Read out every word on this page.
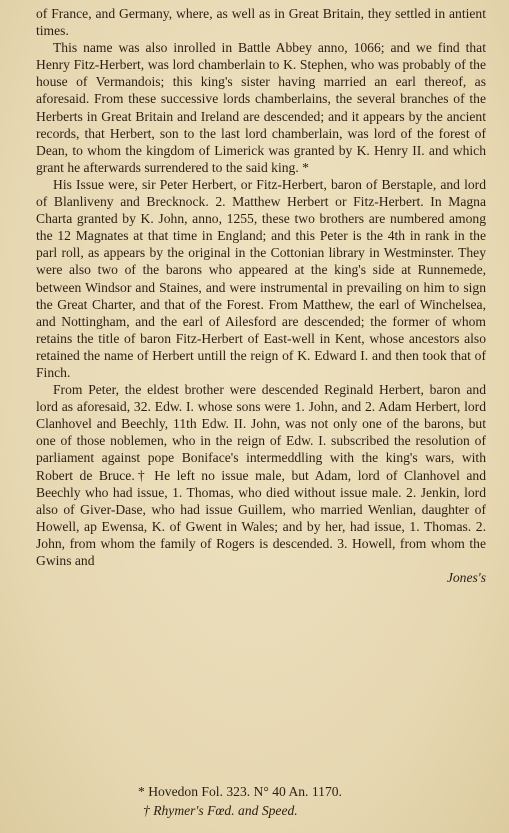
of France, and Germany, where, as well as in Great Britain, they settled in antient times.

This name was also inrolled in Battle Abbey anno, 1066; and we find that Henry Fitz-Herbert, was lord chamberlain to K. Stephen, who was probably of the house of Vermandois; this king's sister having married an earl thereof, as aforesaid. From these successive lords chamberlains, the several branches of the Herberts in Great Britain and Ireland are descended; and it appears by the ancient records, that Herbert, son to the last lord chamberlain, was lord of the forest of Dean, to whom the kingdom of Limerick was granted by K. Henry II. and which grant he afterwards surrendered to the said king. *

His Issue were, sir Peter Herbert, or Fitz-Herbert, baron of Berstaple, and lord of Blanliveny and Brecknock. 2. Matthew Herbert or Fitz-Herbert. In Magna Charta granted by K. John, anno, 1255, these two brothers are numbered among the 12 Magnates at that time in England; and this Peter is the 4th in rank in the parl roll, as appears by the original in the Cottonian library in Westminster. They were also two of the barons who appeared at the king's side at Runnemede, between Windsor and Staines, and were instrumental in prevailing on him to sign the Great Charter, and that of the Forest. From Matthew, the earl of Winchelsea, and Nottingham, and the earl of Ailesford are descended; the former of whom retains the title of baron Fitz-Herbert of East-well in Kent, whose ancestors also retained the name of Herbert untill the reign of K. Edward I. and then took that of Finch.

From Peter, the eldest brother were descended Reginald Herbert, baron and lord as aforesaid, 32. Edw. I. whose sons were 1. John, and 2. Adam Herbert, lord Clanhovel and Beechly, 11th Edw. II. John, was not only one of the barons, but one of those noblemen, who in the reign of Edw. I. subscribed the resolution of parliament against pope Boniface's intermeddling with the king's wars, with Robert de Bruce.† He left no issue male, but Adam, lord of Clanhovel and Beechly who had issue, 1. Thomas, who died without issue male. 2. Jenkin, lord also of Giver-Dase, who had issue Guillem, who married Wenlian, daughter of Howell, ap Ewensa, K. of Gwent in Wales; and by her, had issue, 1. Thomas. 2. John, from whom the family of Rogers is descended. 3. Howell, from whom the Gwins and

Jones's

* Hovedon Fol. 323. N° 40 An. 1170.

† Rhymer's Fœd. and Speed.
